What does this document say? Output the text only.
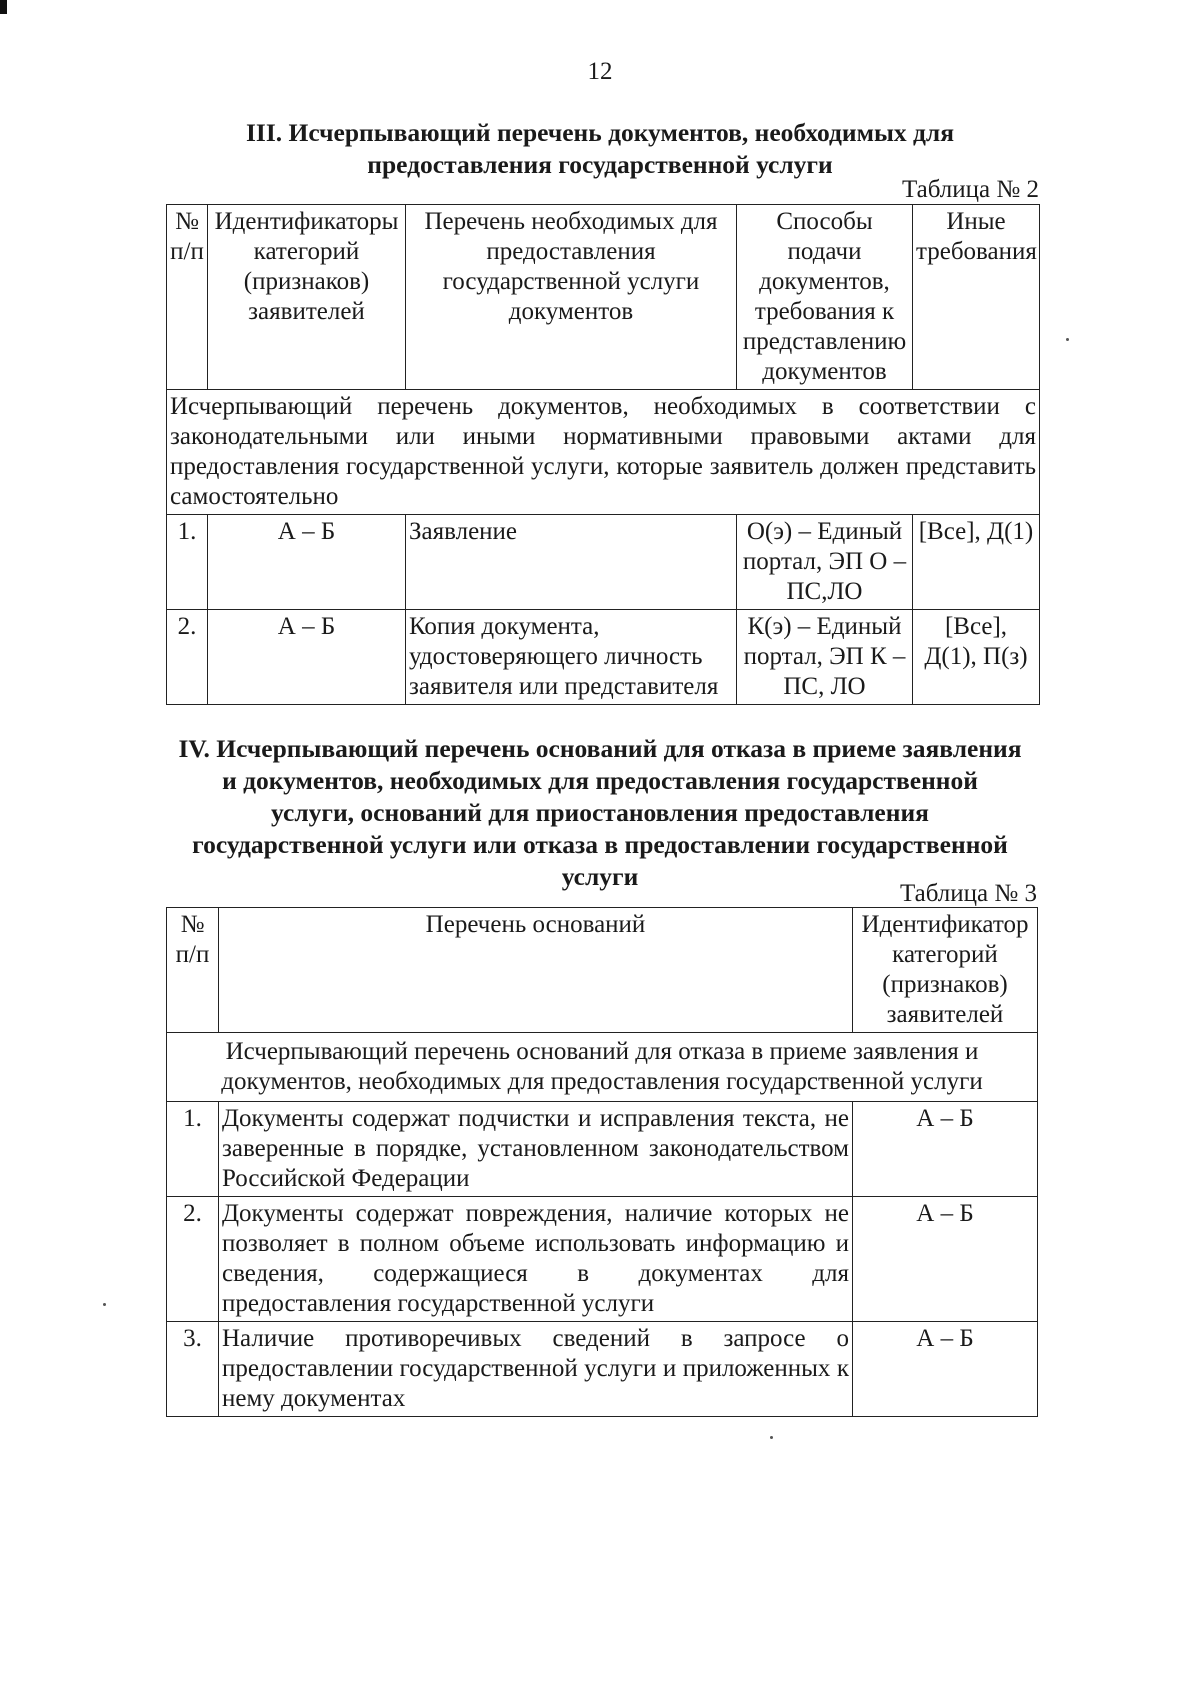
12
III. Исчерпывающий перечень документов, необходимых для
предоставления государственной услуги
Таблица № 2
№ п/п	Идентификаторы категорий (признаков) заявителей	Перечень необходимых для предоставления государственной услуги документов	Способы подачи документов, требования к представлению документов	Иные требования
Исчерпывающий перечень документов, необходимых в соответствии с законодательными или иными нормативными правовыми актами для предоставления государственной услуги, которые заявитель должен представить самостоятельно				
1.	А – Б	Заявление	О(э) – Единый портал, ЭП О – ПС,ЛО	[Все], Д(1)
2.	А – Б	Копия документа, удостоверяющего личность заявителя или представителя	К(э) – Единый портал, ЭП К – ПС, ЛО	[Все], Д(1), П(з)
IV. Исчерпывающий перечень оснований для отказа в приеме заявления
и документов, необходимых для предоставления государственной
услуги, оснований для приостановления предоставления
государственной услуги или отказа в предоставлении государственной
услуги
Таблица № 3
№ п/п	Перечень оснований	Идентификатор категорий (признаков) заявителей
Исчерпывающий перечень оснований для отказа в приеме заявления и документов, необходимых для предоставления государственной услуги		
1.	Документы содержат подчистки и исправления текста, не заверенные в порядке, установленном законодательством Российской Федерации	А – Б
2.	Документы содержат повреждения, наличие которых не позволяет в полном объеме использовать информацию и сведения, содержащиеся в документах для предоставления государственной услуги	А – Б
3.	Наличие противоречивых сведений в запросе о предоставлении государственной услуги и приложенных к нему документах	А – Б
